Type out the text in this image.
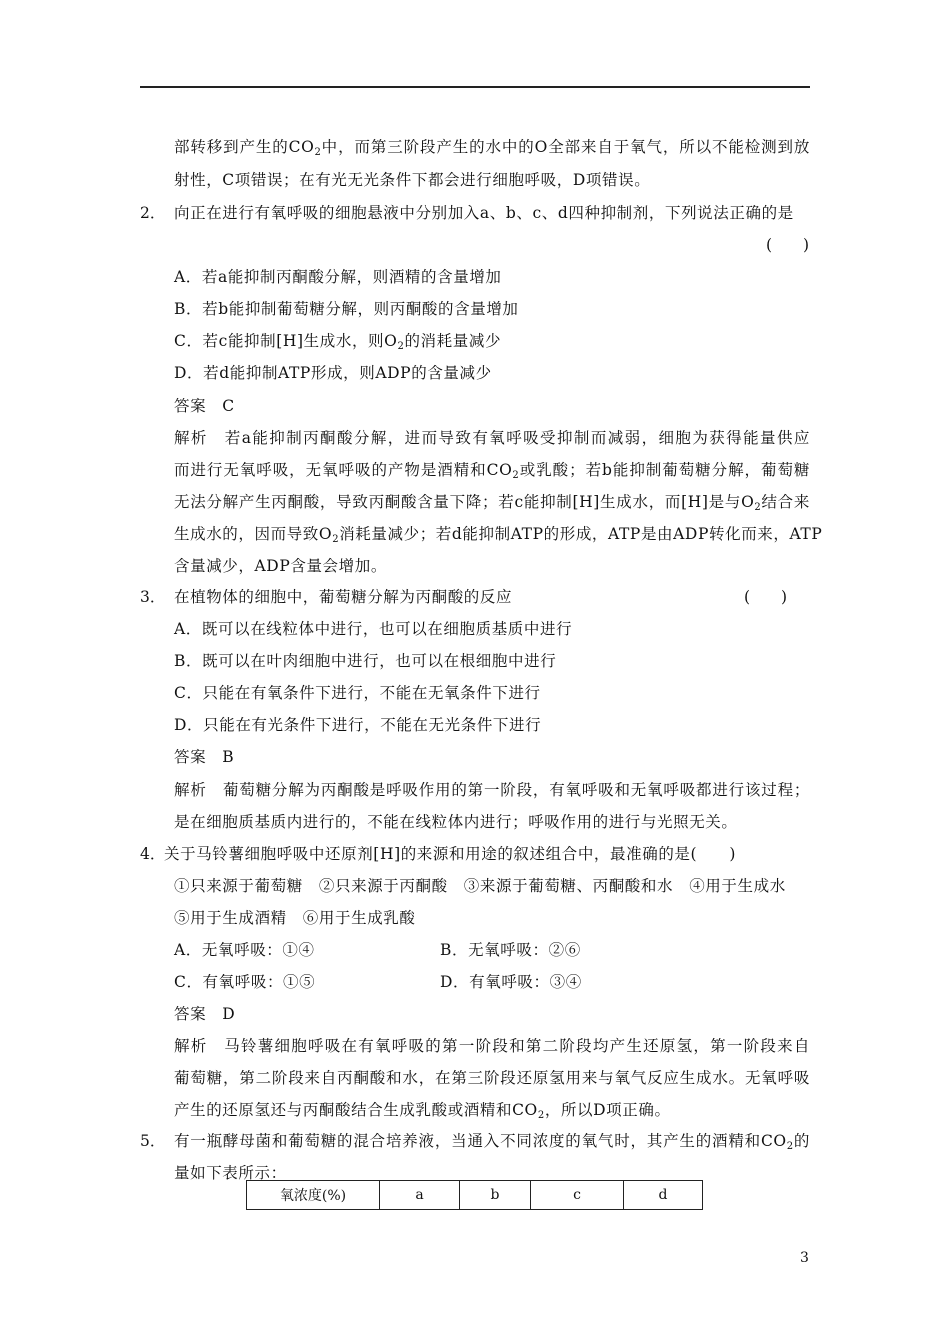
部转移到产生的$CO_2$中，而第三阶段产生的水中的O全部来自于氧气，所以不能检测到放
射性，C项错误；在有光无光条件下都会进行细胞呼吸，D项错误。
2． 向正在进行有氧呼吸的细胞悬液中分别加入a、b、c、d四种抑制剂，下列说法正确的是
(　　)
A．若a能抑制丙酮酸分解，则酒精的含量增加
B．若b能抑制葡萄糖分解，则丙酮酸的含量增加
C．若c能抑制[H]生成水，则$O_2$的消耗量减少
D．若d能抑制ATP形成，则ADP的含量减少
答案　C
解析　若a能抑制丙酮酸分解，进而导致有氧呼吸受抑制而减弱，细胞为获得能量供应
而进行无氧呼吸，无氧呼吸的产物是酒精和$CO_2$或乳酸；若b能抑制葡萄糖分解，葡萄糖
无法分解产生丙酮酸，导致丙酮酸含量下降；若c能抑制[H]生成水，而[H]是与$O_2$结合来
生成水的，因而导致$O_2$消耗量减少；若d能抑制ATP的形成，ATP是由ADP转化而来，ATP
含量减少，ADP含量会增加。
3． 在植物体的细胞中，葡萄糖分解为丙酮酸的反应	(　　)
A．既可以在线粒体中进行，也可以在细胞质基质中进行
B．既可以在叶肉细胞中进行，也可以在根细胞中进行
C．只能在有氧条件下进行，不能在无氧条件下进行
D．只能在有光条件下进行，不能在无光条件下进行
答案　B
解析　葡萄糖分解为丙酮酸是呼吸作用的第一阶段，有氧呼吸和无氧呼吸都进行该过程；
是在细胞质基质内进行的，不能在线粒体内进行；呼吸作用的进行与光照无关。
4．
关于马铃薯细胞呼吸中还原剂[H]的来源和用途的叙述组合中，最准确的是(　　)
①只来源于葡萄糖　②只来源于丙酮酸　③来源于葡萄糖、丙酮酸和水　④用于生成水
⑤用于生成酒精　⑥用于生成乳酸
A．无氧呼吸：①④	B．无氧呼吸：②⑥
C．有氧呼吸：①⑤	D．有氧呼吸：③④
答案　D
解析　马铃薯细胞呼吸在有氧呼吸的第一阶段和第二阶段均产生还原氢，第一阶段来自
葡萄糖，第二阶段来自丙酮酸和水，在第三阶段还原氢用来与氧气反应生成水。无氧呼吸
产生的还原氢还与丙酮酸结合生成乳酸或酒精和$CO_2$，所以D项正确。
5． 有一瓶酵母菌和葡萄糖的混合培养液，当通入不同浓度的氧气时，其产生的酒精和$CO_2$的
量如下表所示：
氧浓度(%)	a	b	c	d
3
